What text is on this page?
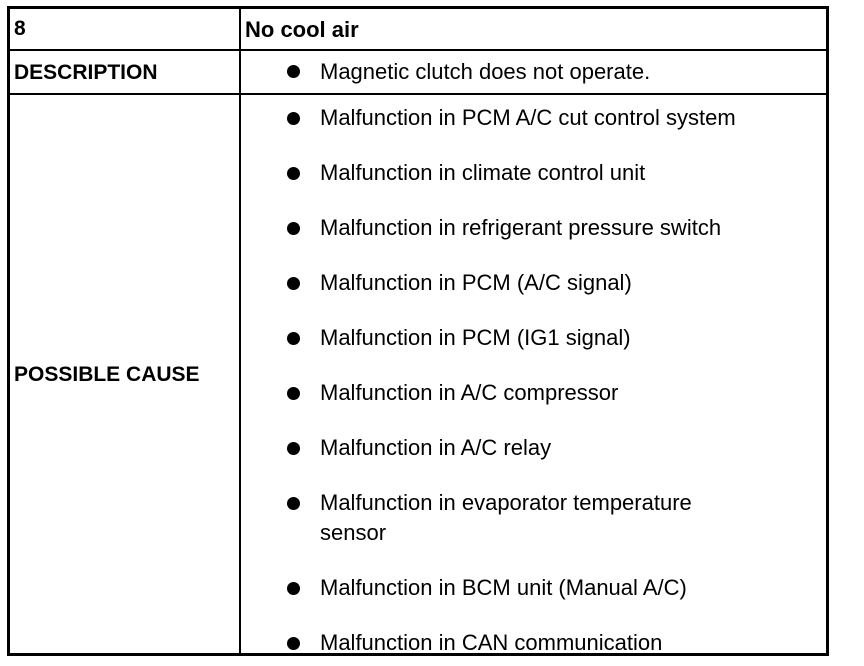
8	No cool air
DESCRIPTION	Magnetic clutch does not operate.
POSSIBLE CAUSE
Malfunction in PCM A/C cut control system
Malfunction in climate control unit
Malfunction in refrigerant pressure switch
Malfunction in PCM (A/C signal)
Malfunction in PCM (IG1 signal)
Malfunction in A/C compressor
Malfunction in A/C relay
Malfunction in evaporator temperature sensor
Malfunction in BCM unit (Manual A/C)
Malfunction in CAN communication
